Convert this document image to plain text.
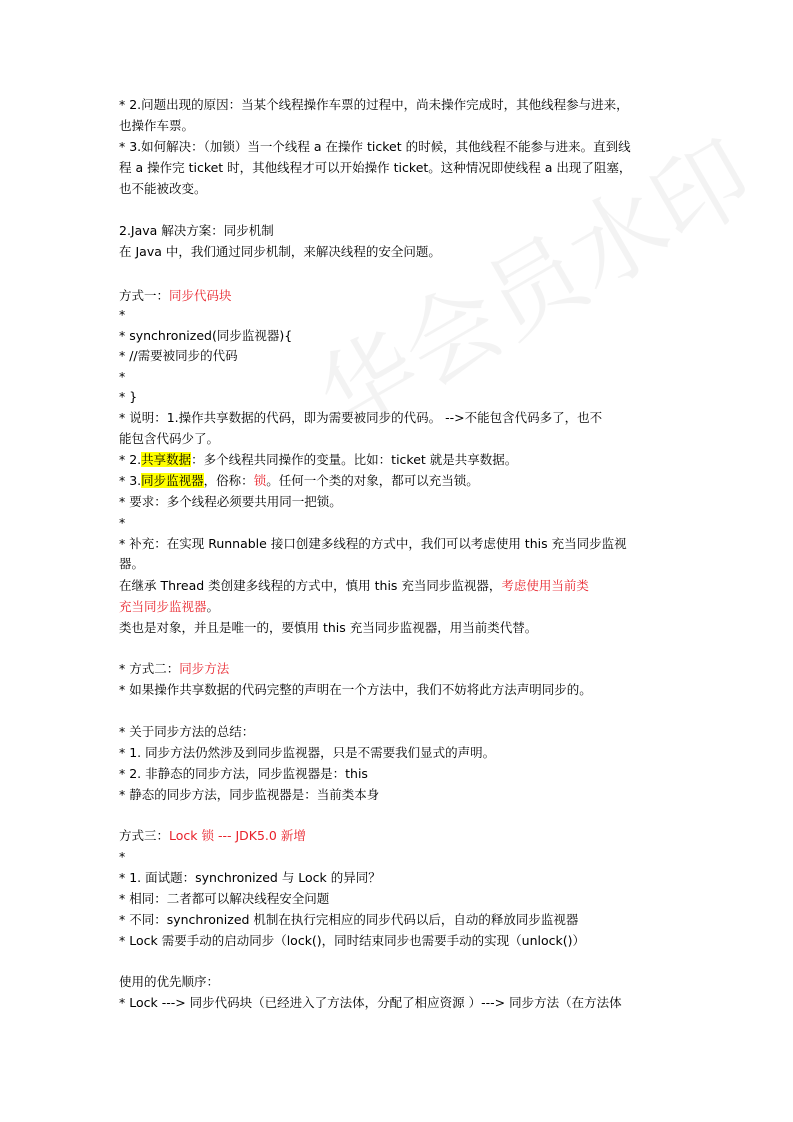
* 2.问题出现的原因：当某个线程操作车票的过程中，尚未操作完成时，其他线程参与进来，
也操作车票。
* 3.如何解决：（加锁）当一个线程 a 在操作 ticket 的时候，其他线程不能参与进来。直到线
程 a 操作完 ticket 时，其他线程才可以开始操作 ticket。这种情况即使线程 a 出现了阻塞，
也不能被改变。
2.Java 解决方案：同步机制
在 Java 中，我们通过同步机制，来解决线程的安全问题。
方式一：同步代码块
*
* synchronized(同步监视器){
* //需要被同步的代码
*
* }
* 说明：1.操作共享数据的代码，即为需要被同步的代码。 -->不能包含代码多了，也不
能包含代码少了。
* 2.共享数据：多个线程共同操作的变量。比如：ticket 就是共享数据。
* 3.同步监视器，俗称：锁。任何一个类的对象，都可以充当锁。
* 要求：多个线程必须要共用同一把锁。
*
* 补充：在实现 Runnable 接口创建多线程的方式中，我们可以考虑使用 this 充当同步监视
器。
在继承 Thread 类创建多线程的方式中，慎用 this 充当同步监视器，考虑使用当前类
充当同步监视器。
类也是对象，并且是唯一的，要慎用 this 充当同步监视器，用当前类代替。
* 方式二：同步方法
* 如果操作共享数据的代码完整的声明在一个方法中，我们不妨将此方法声明同步的。
* 关于同步方法的总结：
* 1. 同步方法仍然涉及到同步监视器，只是不需要我们显式的声明。
* 2. 非静态的同步方法，同步监视器是：this
* 静态的同步方法，同步监视器是：当前类本身
方式三：Lock 锁 --- JDK5.0 新增
*
* 1. 面试题：synchronized 与 Lock 的异同？
* 相同：二者都可以解决线程安全问题
* 不同：synchronized 机制在执行完相应的同步代码以后，自动的释放同步监视器
* Lock 需要手动的启动同步（lock()，同时结束同步也需要手动的实现（unlock()）
使用的优先顺序：
* Lock ---> 同步代码块（已经进入了方法体，分配了相应资源 ）---> 同步方法（在方法体
